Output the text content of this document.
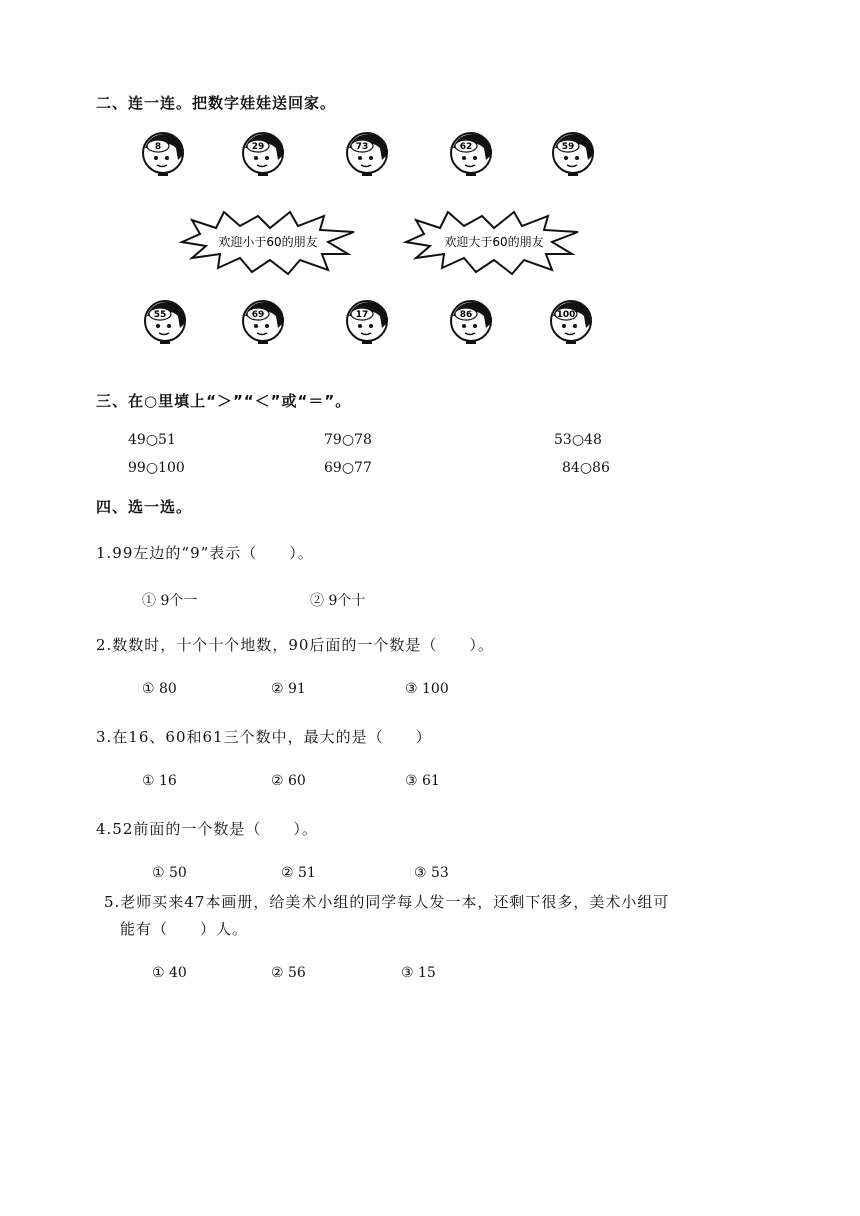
二、连一连。把数字娃娃送回家。
8	29	73	62	59
欢迎小于60的朋友	欢迎大于60的朋友
55	69	17	86	100
三、在○里填上“＞”“＜”或“＝”。
49○51	79○78	53○48
99○100	69○77	84○86
四、选一选。
1.99左边的“9”表示（　　）。
① 9个一	② 9个十
2.数数时，十个十个地数，90后面的一个数是（　　）。
① 80	② 91	③ 100
3.在16、60和61三个数中，最大的是（　　）
① 16	② 60	③ 61
4.52前面的一个数是（　　）。
① 50	② 51	③ 53
5.老师买来47本画册，给美术小组的同学每人发一本，还剩下很多，美术小组可
能有（　　）人。
① 40	② 56	③ 15
